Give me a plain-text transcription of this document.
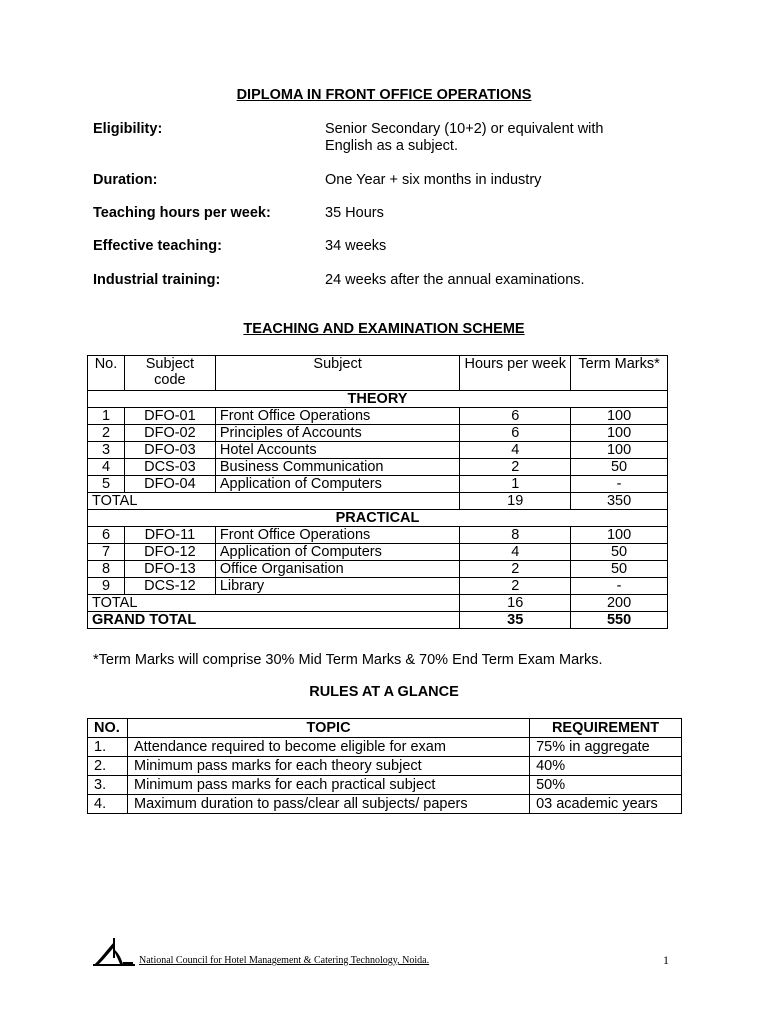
DIPLOMA IN FRONT OFFICE OPERATIONS
Eligibility:	Senior Secondary (10+2) or equivalent with English as a subject.
Duration:	One Year + six months in industry
Teaching hours per week:	35 Hours
Effective teaching:	34 weeks
Industrial training:	24 weeks after the annual examinations.
TEACHING AND EXAMINATION SCHEME
No.	Subject code	Subject	Hours per week	Term Marks*
THEORY				
1	DFO-01	Front Office Operations	6	100
2	DFO-02	Principles of Accounts	6	100
3	DFO-03	Hotel Accounts	4	100
4	DCS-03	Business Communication	2	50
5	DFO-04	Application of Computers	1	-
TOTAL			19	350
PRACTICAL				
6	DFO-11	Front Office Operations	8	100
7	DFO-12	Application of Computers	4	50
8	DFO-13	Office Organisation	2	50
9	DCS-12	Library	2	-
TOTAL			16	200
GRAND TOTAL			35	550
*Term Marks will comprise 30% Mid Term Marks & 70% End Term Exam Marks.
RULES AT A GLANCE
NO.	TOPIC	REQUIREMENT
1.	Attendance required to become eligible for exam	75% in aggregate
2.	Minimum pass marks for each theory subject	40%
3.	Minimum pass marks for each practical subject	50%
4.	Maximum duration to pass/clear all subjects/ papers	03 academic years
National Council for Hotel Management & Catering Technology, Noida.	1
